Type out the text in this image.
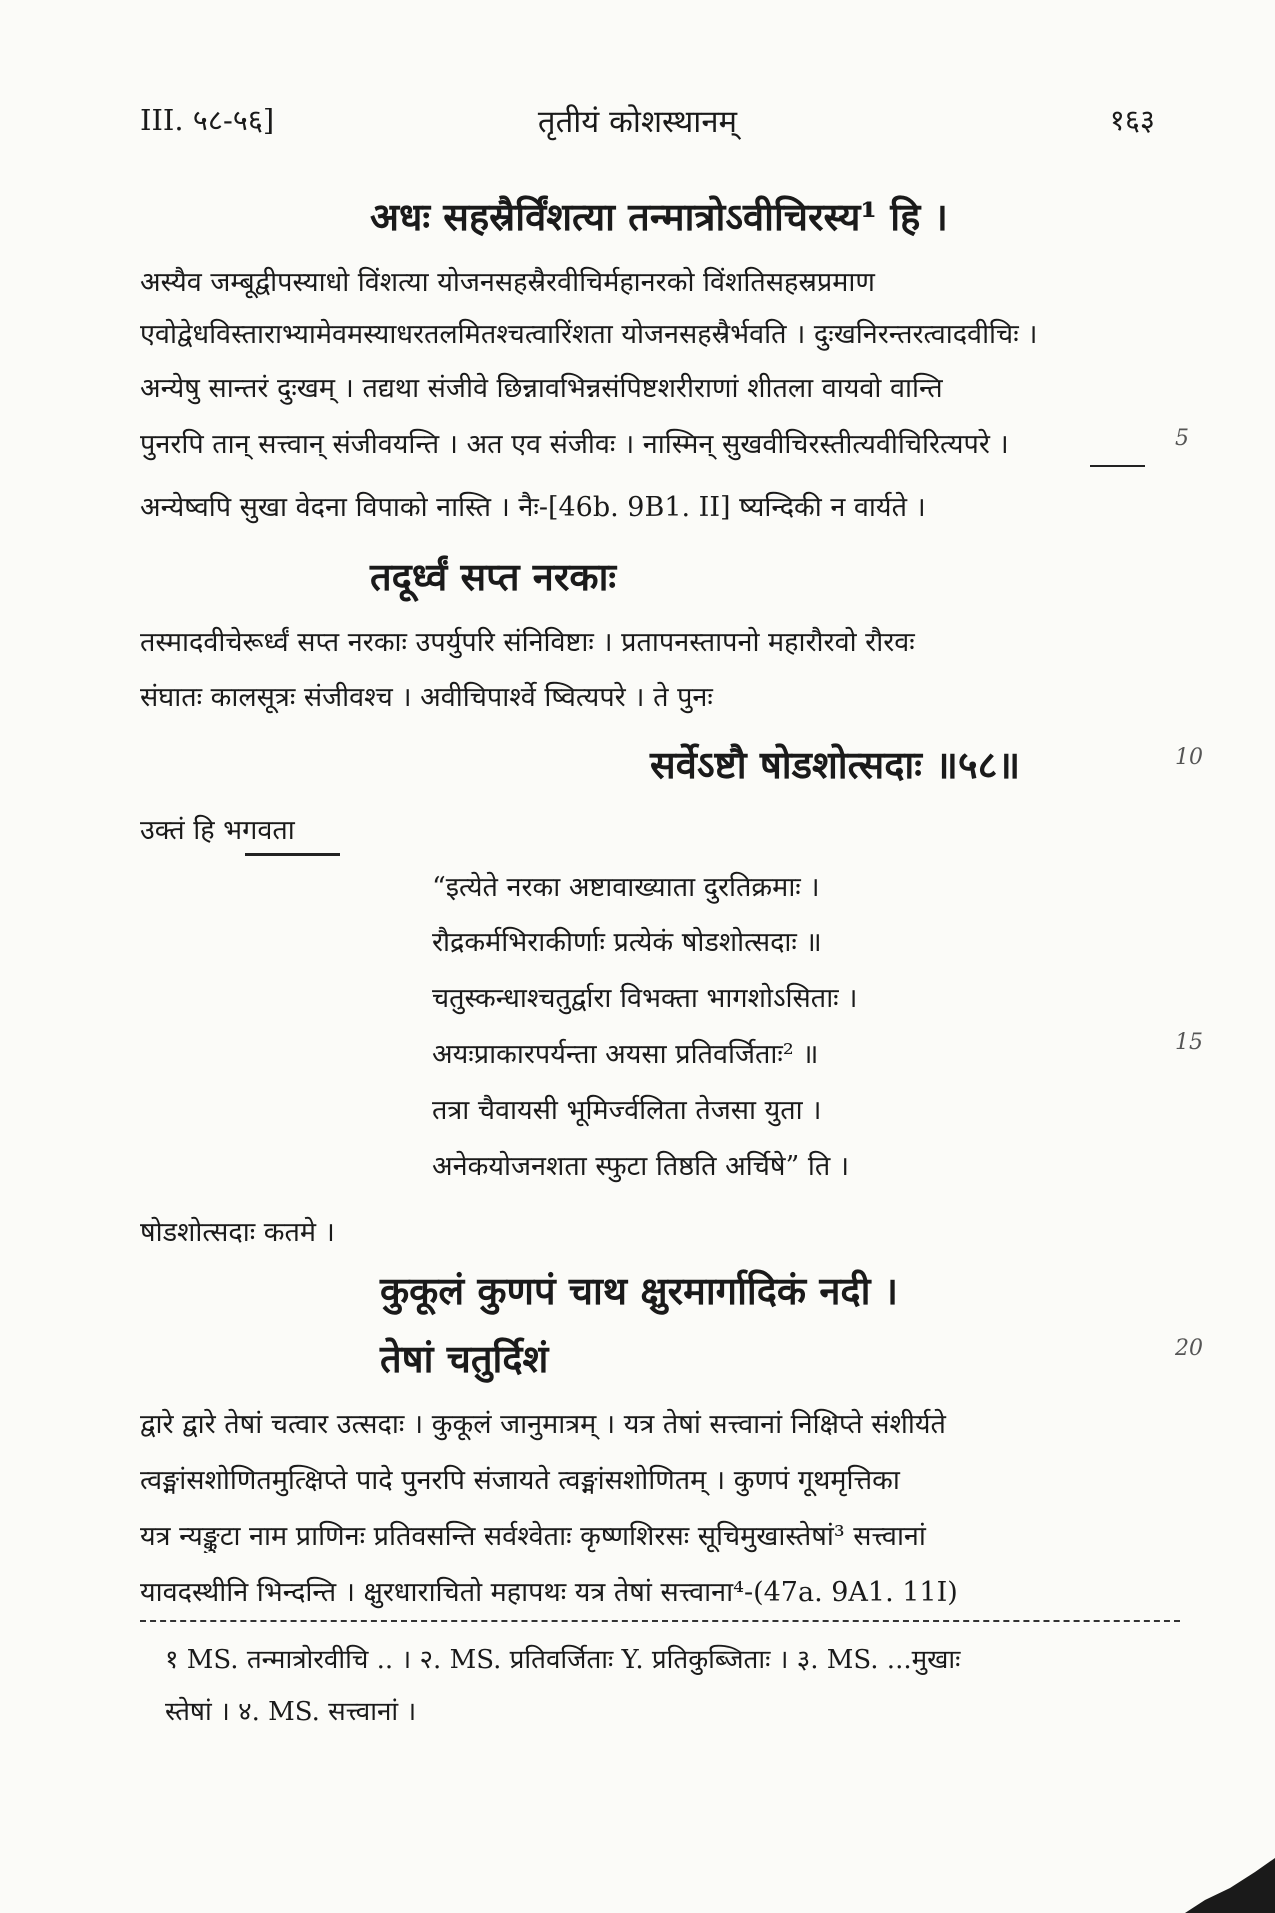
III. ५८-५६]	तृतीयं कोशस्थानम्	१६३
अधः सहस्रैर्विंशत्या तन्मात्रोऽवीचिरस्य¹ हि ।
अस्यैव जम्बूद्वीपस्याधो विंशत्या योजनसहस्रैरवीचिर्महानरको विंशतिसहस्रप्रमाण
एवोद्वेधविस्ताराभ्यामेवमस्याधरतलमितश्चत्वारिंशता योजनसहस्रैर्भवति । दुःखनिरन्तरत्वादवीचिः ।
अन्येषु सान्तरं दुःखम् । तद्यथा संजीवे छिन्नावभिन्नसंपिष्टशरीराणां शीतला वायवो वान्ति
पुनरपि तान् सत्त्वान् संजीवयन्ति । अत एव संजीवः । नास्मिन् सुखवीचिरस्तीत्यवीचिरित्यपरे ।
अन्येष्वपि सुखा वेदना विपाको नास्ति । नैः-[46b. 9B1. II] ष्यन्दिकी न वार्यते ।
5
तदूर्ध्वं सप्त नरकाः
तस्मादवीचेरूर्ध्वं सप्त नरकाः उपर्युपरि संनिविष्टाः । प्रतापनस्तापनो महारौरवो रौरवः
संघातः कालसूत्रः संजीवश्च । अवीचिपार्श्वे ष्वित्यपरे । ते पुनः
सर्वेऽष्टौ षोडशोत्सदाः ॥५८॥	10
उक्तं हि भगवता
“इत्येते नरका अष्टावाख्याता दुरतिक्रमाः ।
रौद्रकर्मभिराकीर्णाः प्रत्येकं षोडशोत्सदाः ॥
चतुस्कन्धाश्चतुर्द्वारा विभक्ता भागशोऽसिताः ।
अयःप्राकारपर्यन्ता अयसा प्रतिवर्जिताः² ॥	15
तत्रा चैवायसी भूमिर्ज्वलिता तेजसा युता ।
अनेकयोजनशता स्फुटा तिष्ठति अर्चिषे” ति ।
षोडशोत्सदाः कतमे ।
कुकूलं कुणपं चाथ क्षुरमार्गादिकं नदी ।
तेषां चतुर्दिशं	20
द्वारे द्वारे तेषां चत्वार उत्सदाः । कुकूलं जानुमात्रम् । यत्र तेषां सत्त्वानां निक्षिप्ते संशीर्यते
त्वङ्मांसशोणितमुत्क्षिप्ते पादे पुनरपि संजायते त्वङ्मांसशोणितम् । कुणपं गूथमृत्तिका
यत्र न्यङ्कुटा नाम प्राणिनः प्रतिवसन्ति सर्वश्वेताः कृष्णशिरसः सूचिमुखास्तेषां³ सत्त्वानां
यावदस्थीनि भिन्दन्ति । क्षुरधाराचितो महापथः यत्र तेषां सत्त्वाना⁴-(47a. 9A1. 11I)
१ MS. तन्मात्रोरवीचि .. । २. MS. प्रतिवर्जिताः Y. प्रतिकुब्जिताः । ३. MS. ...मुखाः
स्तेषां । ४. MS. सत्त्वानां ।
